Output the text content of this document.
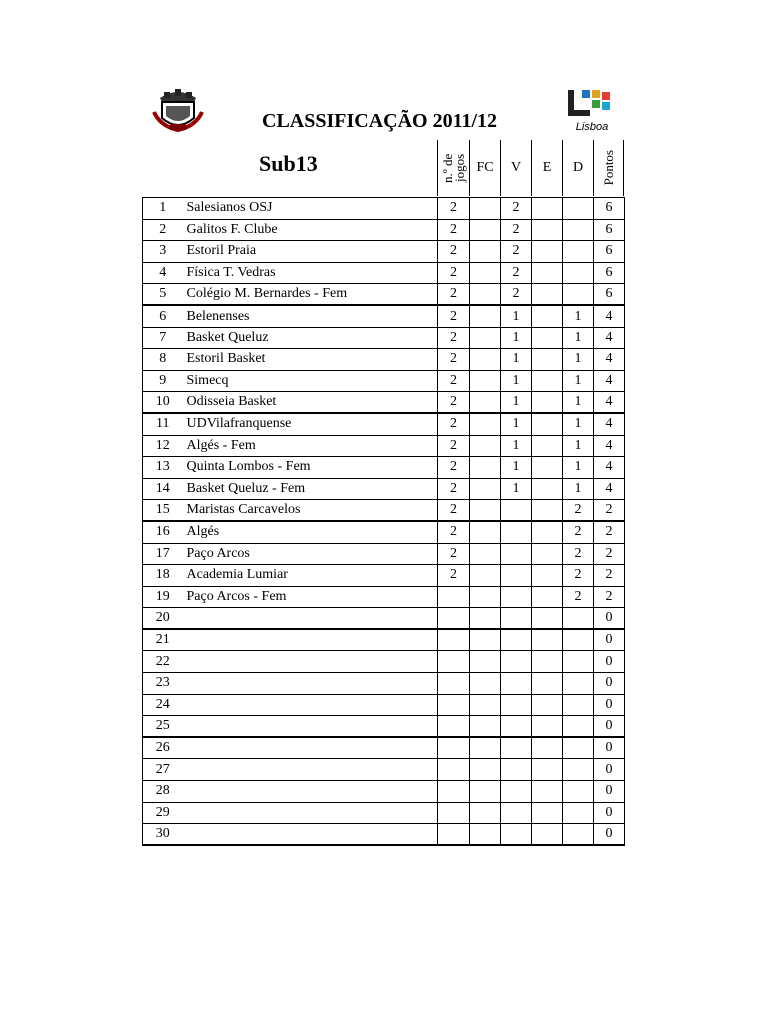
Lisboa
CLASSIFICAÇÃO 2011/12
Sub13	n.º de jogos FC V E D Pontos
1	Salesianos OSJ	2		2			6
2	Galitos F. Clube	2		2			6
3	Estoril Praia	2		2			6
4	Física T. Vedras	2		2			6
5	Colégio M. Bernardes - Fem	2		2			6
6	Belenenses	2		1		1	4
7	Basket Queluz	2		1		1	4
8	Estoril Basket	2		1		1	4
9	Simecq	2		1		1	4
10	Odisseia Basket	2		1		1	4
11	UDVilafranquense	2		1		1	4
12	Algés - Fem	2		1		1	4
13	Quinta Lombos - Fem	2		1		1	4
14	Basket Queluz - Fem	2		1		1	4
15	Maristas Carcavelos	2				2	2
16	Algés	2				2	2
17	Paço Arcos	2				2	2
18	Academia Lumiar	2				2	2
19	Paço Arcos - Fem					2	2
20							0
21							0
22							0
23							0
24							0
25							0
26							0
27							0
28							0
29							0
30							0
